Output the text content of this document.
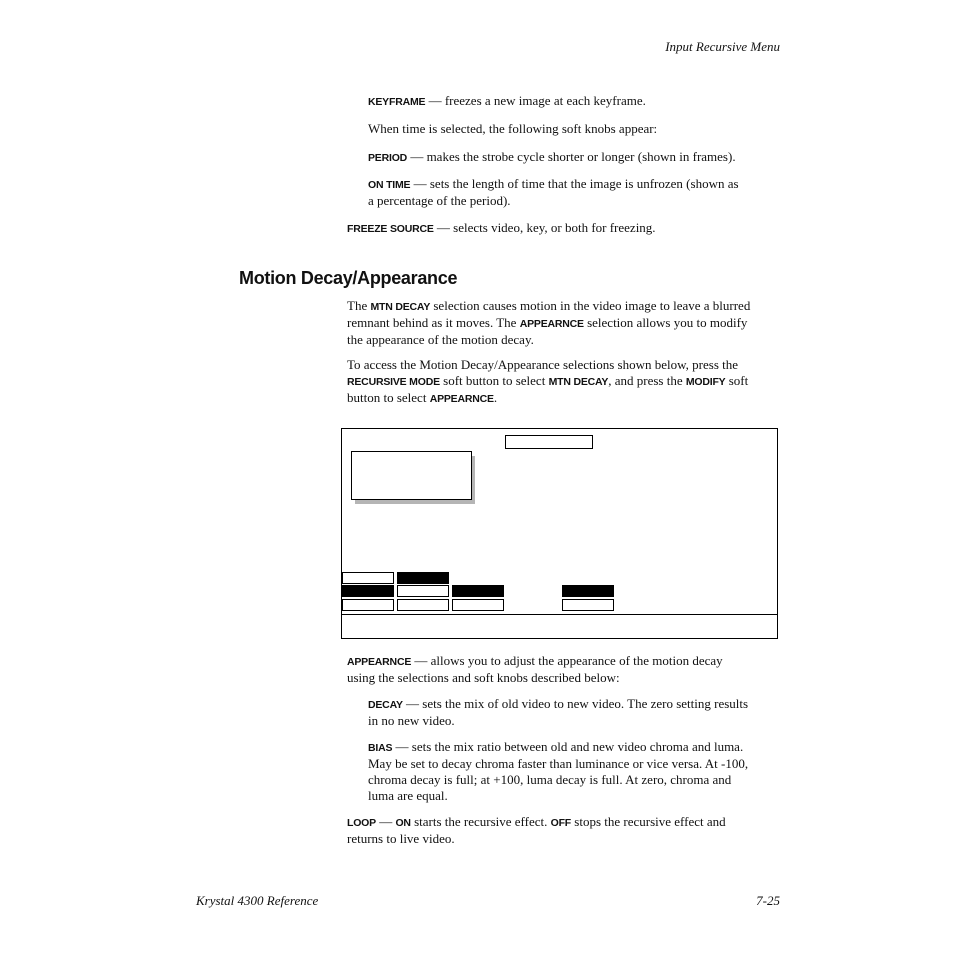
Input Recursive Menu

KEYFRAME — freezes a new image at each keyframe.

When time is selected, the following soft knobs appear:

PERIOD — makes the strobe cycle shorter or longer (shown in frames).

ON TIME — sets the length of time that the image is unfrozen (shown as
a percentage of the period).

FREEZE SOURCE — selects video, key, or both for freezing.

Motion Decay/Appearance

The MTN DECAY selection causes motion in the video image to leave a blurred
remnant behind as it moves. The APPEARNCE selection allows you to modify
the appearance of the motion decay.

To access the Motion Decay/Appearance selections shown below, press the
RECURSIVE MODE soft button to select MTN DECAY, and press the MODIFY soft
button to select APPEARNCE.

APPEARNCE — allows you to adjust the appearance of the motion decay
using the selections and soft knobs described below:

DECAY — sets the mix of old video to new video. The zero setting results
in no new video.

BIAS — sets the mix ratio between old and new video chroma and luma.
May be set to decay chroma faster than luminance or vice versa. At -100,
chroma decay is full; at +100, luma decay is full. At zero, chroma and
luma are equal.

LOOP — ON starts the recursive effect. OFF stops the recursive effect and
returns to live video.

Krystal 4300 Reference	7-25
